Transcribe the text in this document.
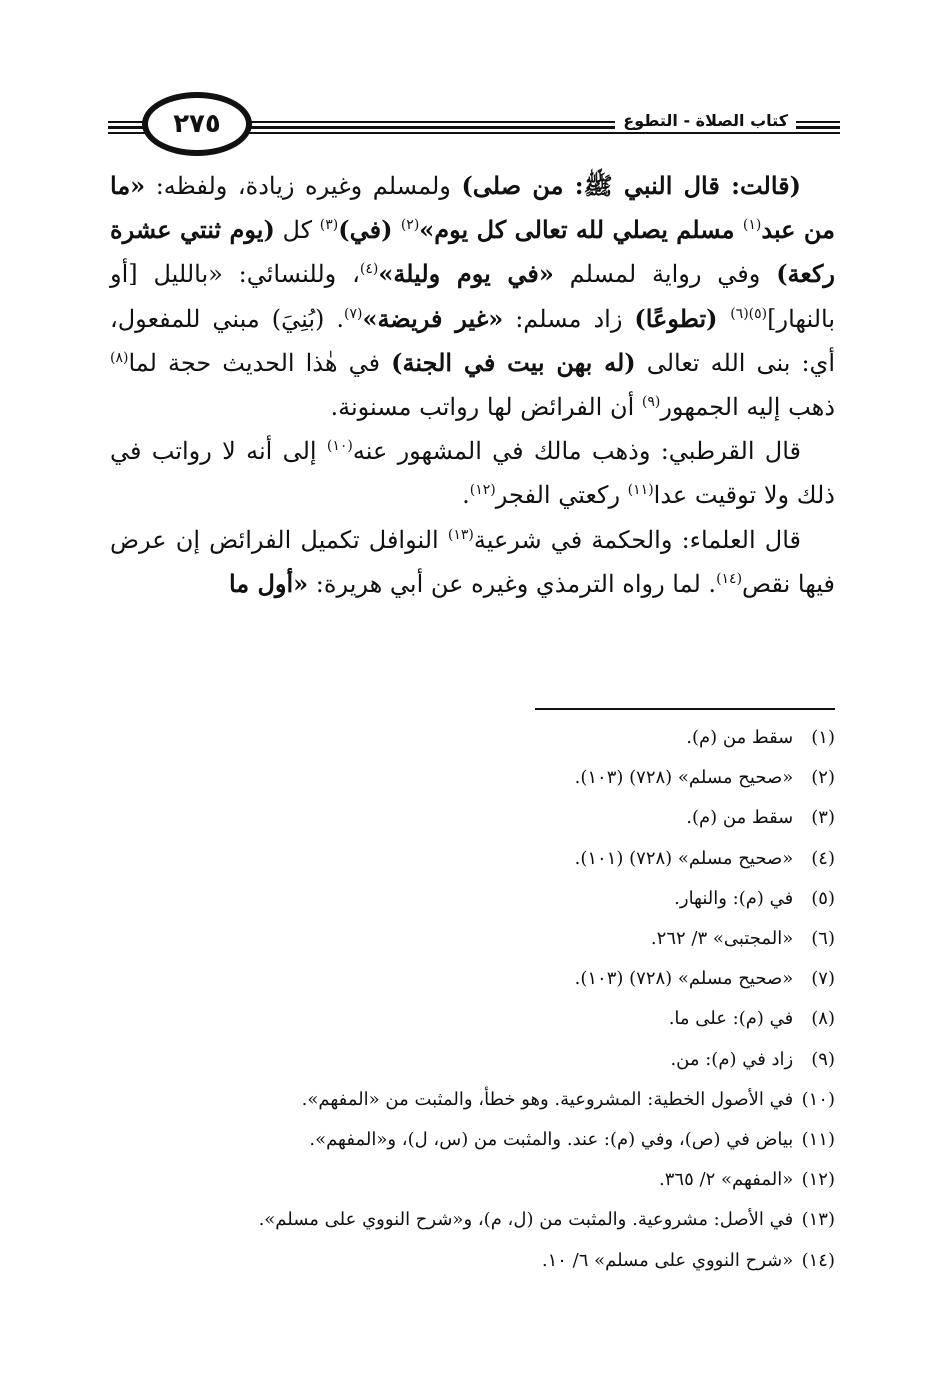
٢٧٥	كتاب الصلاة - التطوع

(قالت: قال النبي ﷺ: من صلى) ولمسلم وغيره زيادة، ولفظه: «ما من عبد$^{(١)}$ مسلم يصلي لله تعالى كل يوم»$^{(٢)}$ (في)$^{(٣)}$ كل (يوم ثنتي عشرة ركعة) وفي رواية لمسلم «في يوم وليلة»$^{(٤)}$، وللنسائي: «بالليل [أو بالنهار]$^{(٥)(٦)}$ (تطوعًا) زاد مسلم: «غير فريضة»$^{(٧)}$. (بُنِيَ) مبني للمفعول، أي: بنى الله تعالى (له بهن بيت في الجنة) في هٰذا الحديث حجة لما$^{(٨)}$ ذهب إليه الجمهور$^{(٩)}$ أن الفرائض لها رواتب مسنونة.

قال القرطبي: وذهب مالك في المشهور عنه$^{(١٠)}$ إلى أنه لا رواتب في ذلك ولا توقيت عدا$^{(١١)}$ ركعتي الفجر$^{(١٢)}$.

قال العلماء: والحكمة في شرعية$^{(١٣)}$ النوافل تكميل الفرائض إن عرض فيها نقص$^{(١٤)}$. لما رواه الترمذي وغيره عن أبي هريرة: «أول ما

(١) سقط من (م).
(٢) «صحيح مسلم» (٧٢٨) (١٠٣).
(٣) سقط من (م).
(٤) «صحيح مسلم» (٧٢٨) (١٠١).
(٥) في (م): والنهار.
(٦) «المجتبى» ٣/ ٢٦٢.
(٧) «صحيح مسلم» (٧٢٨) (١٠٣).
(٨) في (م): على ما.
(٩) زاد في (م): من.
(١٠) في الأصول الخطية: المشروعية. وهو خطأ، والمثبت من «المفهم».
(١١) بياض في (ص)، وفي (م): عند. والمثبت من (س، ل)، و«المفهم».
(١٢) «المفهم» ٢/ ٣٦٥.
(١٣) في الأصل: مشروعية. والمثبت من (ل، م)، و«شرح النووي على مسلم».
(١٤) «شرح النووي على مسلم» ٦/ ١٠.
